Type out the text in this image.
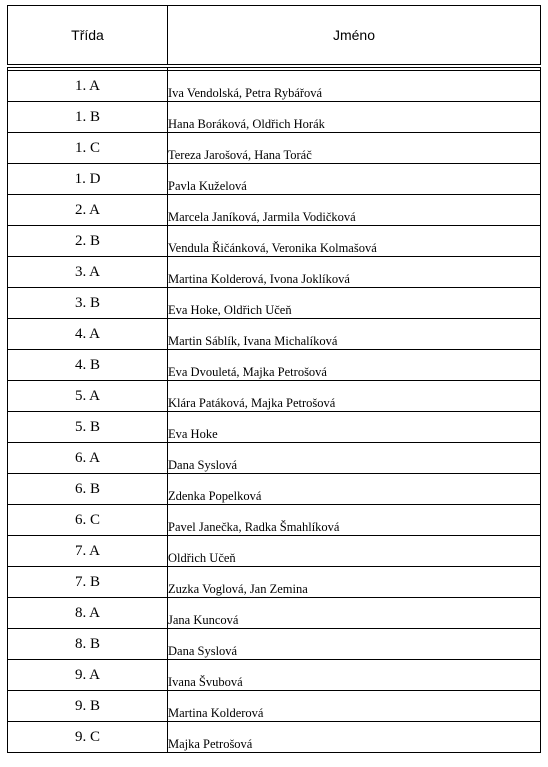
Třída	Jméno

1. A	Iva Vendolská, Petra Rybářová
1. B	Hana Boráková, Oldřich Horák
1. C	Tereza Jarošová, Hana Toráč
1. D	Pavla Kuželová
2. A	Marcela Janíková, Jarmila Vodičková
2. B	Vendula Řičánková, Veronika Kolmašová
3. A	Martina Kolderová, Ivona Joklíková
3. B	Eva Hoke, Oldřich Učeň
4. A	Martin Sáblík, Ivana Michalíková
4. B	Eva Dvouletá, Majka Petrošová
5. A	Klára Patáková, Majka Petrošová
5. B	Eva Hoke
6. A	Dana Syslová
6. B	Zdenka Popelková
6. C	Pavel Janečka, Radka Šmahlíková
7. A	Oldřich Učeň
7. B	Zuzka Voglová, Jan Zemina
8. A	Jana Kuncová
8. B	Dana Syslová
9. A	Ivana Švubová
9. B	Martina Kolderová
9. C	Majka Petrošová
